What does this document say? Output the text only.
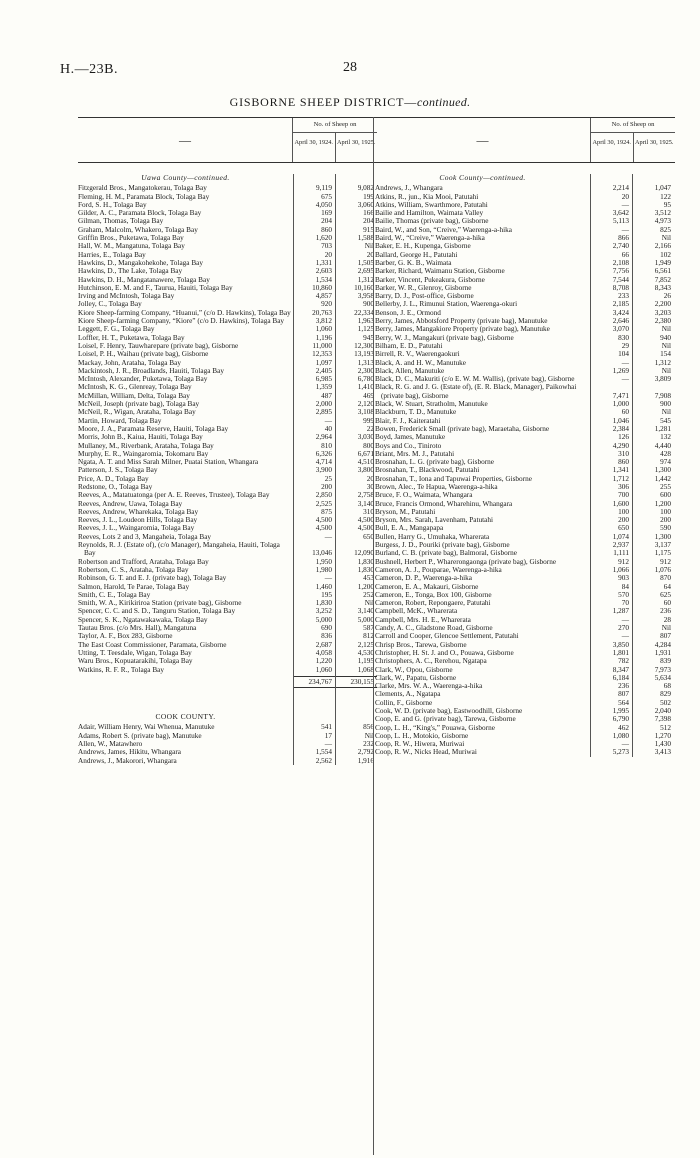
H.—23B.	28
GISBORNE SHEEP DISTRICT—continued.
—
No. of Sheep on
April 30, 1924. April 30, 1925.
Uawa County—continued.
Fitzgerald Bros., Mangatokerau, Tolaga Bay	9,119	9,082
Fleming, H. M., Paramata Block, Tolaga Bay	675	199
Ford, S. H., Tolaga Bay	4,050	3,060
Gilder, A. C., Paramata Block, Tolaga Bay	169	166
Gilman, Thomas, Tolaga Bay	204	204
Graham, Malcolm, Whakero, Tolaga Bay	860	915
Griffin Bros., Puketawa, Tolaga Bay	1,620	1,588
Hall, W. M., Mangatuna, Tolaga Bay	703	Nil
Harries, E., Tolaga Bay	20	20
Hawkins, D., Mangakohekohe, Tolaga Bay	1,331	1,505
Hawkins, D., The Lake, Tolaga Bay	2,603	2,695
Hawkins, D. H., Mangatanawere, Tolaga Bay	1,534	1,312
Hutchinson, E. M. and F., Taurua, Hauiti, Tolaga Bay	10,860	10,160
Irving and McIntosh, Tolaga Bay	4,857	3,958
Jolley, C., Tolaga Bay	920	900
Kiore Sheep-farming Company, “Huanui,” (c/o D. Hawkins), Tolaga Bay	20,763	22,334
Kiore Sheep-farming Company, “Kiore” (c/o D. Hawkins), Tolaga Bay	3,812	1,963
Leggett, F. G., Tolaga Bay	1,060	1,125
Loffler, H. T., Puketawa, Tolaga Bay	1,196	945
Loisel, F. Henry, Tauwharepare (private bag), Gisborne	11,000	12,300
Loisel, P. H., Waihau (private bag), Gisborne	12,353	13,193
Mackay, John, Arataha, Tolaga Bay	1,097	1,313
Mackintosh, J. R., Broadlands, Hauiti, Tolaga Bay	2,405	2,300
McIntosh, Alexander, Puketawa, Tolaga Bay	6,985	6,780
McIntosh, K. G., Glenreay, Tolaga Bay	1,359	1,410
McMillan, William, Delta, Tolaga Bay	487	469
McNeil, Joseph (private bag), Tolaga Bay	2,000	2,120
McNeil, R., Wigan, Arataha, Tolaga Bay	2,895	3,108
Martin, Howard, Tolaga Bay	—	999
Moore, J. A., Paramata Reserve, Hauiti, Tolaga Bay	40	22
Morris, John B., Kaiua, Hauiti, Tolaga Bay	2,964	3,030
Mullaney, M., Riverbank, Arataha, Tolaga Bay	810	800
Murphy, E. R., Waingaromia, Tokomaru Bay	6,326	6,671
Ngata, A. T. and Miss Sarah Milner, Puatai Station, Whangara	4,714	4,510
Patterson, J. S., Tolaga Bay	3,900	3,800
Price, A. D., Tolaga Bay	25	20
Redstone, O., Tolaga Bay	200	30
Reeves, A., Matatuatonga (per A. E. Reeves, Trustee), Tolaga Bay	2,850	2,758
Reeves, Andrew, Uawa, Tolaga Bay	2,525	3,140
Reeves, Andrew, Wharekaka, Tolaga Bay	875	310
Reeves, J. L., Loudeon Hills, Tolaga Bay	4,500	4,500
Reeves, J. L., Waingaromia, Tolaga Bay	4,500	4,500
Reeves, Lots 2 and 3, Mangaheia, Tolaga Bay	—	650
Reynolds, R. J. (Estate of), (c/o Manager), Mangaheia, Hauiti, Tolaga Bay	13,046	12,090
Robertson and Trafford, Arataha, Tolaga Bay	1,950	1,830
Robertson, C. S., Arataha, Tolaga Bay	1,980	1,830
Robinson, G. T. and E. J. (private bag), Tolaga Bay	—	453
Salmon, Harold, Te Parae, Tolaga Bay	1,460	1,200
Smith, C. E., Tolaga Bay	195	252
Smith, W. A., Kirikiriroa Station (private bag), Gisborne	1,830	Nil
Spencer, C. C. and S. D., Tanguru Station, Tolaga Bay	3,252	3,140
Spencer, S. K., Ngatawakawaka, Tolaga Bay	5,000	5,000
Tautau Bros. (c/o Mrs. Hall), Mangatuna	690	587
Taylor, A. F., Box 283, Gisborne	836	812
The East Coast Commissioner, Paramata, Gisborne	2,687	2,125
Utting, T. Teesdale, Wigan, Tolaga Bay	4,058	4,530
Waru Bros., Kopuatarakihi, Tolaga Bay	1,220	1,195
Watkins, R. F. R., Tolaga Bay	1,060	1,068
234,767	230,155
COOK COUNTY.
Adair, William Henry, Wai Whenua, Manutuke	541	856
Adams, Robert S. (private bag), Manutuke	17	Nil
Allen, W., Matawhero	—	232
Andrews, James, Hikitu, Whangara	1,554	2,792
Andrews, J., Makorori, Whangara	2,562	1,916
—
No. of Sheep on
April 30, 1924. April 30, 1925.
Cook County—continued.
Andrews, J., Whangara	2,214	1,047
Atkins, R., jun., Kia Mooi, Patutahi	20	122
Atkins, William, Swarthmore, Patutahi	—	95
Bailie and Hamilton, Waimata Valley	3,642	3,512
Bailie, Thomas (private bag), Gisborne	5,113	4,973
Baird, W., and Son, “Creive,” Waerenga-a-hika	—	825
Baird, W., “Creive,” Waerenga-a-hika	866	Nil
Baker, E. H., Kupenga, Gisborne	2,740	2,166
Ballard, George H., Patutahi	66	102
Barber, G. K. B., Waimata	2,108	1,949
Barker, Richard, Waimanu Station, Gisborne	7,756	6,561
Barker, Vincent, Pukeakura, Gisborne	7,544	7,852
Barker, W. R., Glenroy, Gisborne	8,708	8,343
Barry, D. J., Post-office, Gisborne	233	26
Bellerby, J. L., Rimunui Station, Waerenga-okuri	2,185	2,200
Benson, J. E., Ormond	3,424	3,203
Berry, James, Abbotsford Property (private bag), Manutuke	2,646	2,380
Berry, James, Mangakiore Property (private bag), Manutuke	3,070	Nil
Berry, W. J., Mangakuri (private bag), Gisborne	830	940
Bilham, E. D., Patutahi	29	Nil
Birrell, R. V., Waerengaokuri	104	154
Black, A. and H. W., Manutuke	—	1,312
Black, Allen, Manutuke	1,269	Nil
Black, D. C., Makuriti (c/o E. W. M. Wallis), (private bag), Gisborne	—	3,809
Black, R. G. and J. G. (Estate of), (E. R. Black, Manager), Paikowhai (private bag), Gisborne	7,471	7,908
Black, W. Stuart, Stratholm, Manutuke	1,000	900
Blackburn, T. D., Manutuke	60	Nil
Blair, F. J., Kaiteratahi	1,046	545
Bowen, Frederick Small (private bag), Maraetaha, Gisborne	2,384	1,281
Boyd, James, Manutuke	126	132
Boys and Co., Tiniroto	4,290	4,440
Briant, Mrs. M. J., Patutahi	310	428
Brosnahan, L. G. (private bag), Gisborne	860	974
Brosnahan, T., Blackwood, Patutahi	1,341	1,300
Brosnahan, T., Iona and Tapuwai Properties, Gisborne	1,712	1,442
Brown, Alec., Te Hapua, Waerenga-a-hika	306	255
Bruce, F. O., Waimata, Whangara	700	600
Bruce, Francis Ormond, Wharehinu, Whangara	1,600	1,200
Bryson, M., Patutahi	100	100
Bryson, Mrs. Sarah, Lavenham, Patutahi	200	200
Bull, E. A., Mangapapa	650	590
Bullen, Harry G., Umuhaka, Wharerata	1,074	1,300
Burgess, J. D., Pouriki (private bag), Gisborne	2,937	3,137
Burland, C. B. (private bag), Balmoral, Gisborne	1,111	1,175
Bushnell, Herbert P., Wharerongaonga (private bag), Gisborne	912	912
Cameron, A. J., Pouparae, Waerenga-a-hika	1,066	1,076
Cameron, D. P., Waerenga-a-hika	903	870
Cameron, E. A., Makauri, Gisborne	84	64
Cameron, E., Tonga, Box 100, Gisborne	570	625
Cameron, Robert, Repongaere, Patutahi	70	60
Campbell, McK., Wharerata	1,287	236
Campbell, Mrs. H. E., Wharerata	—	28
Candy, A. C., Gladstone Road, Gisborne	270	Nil
Carroll and Cooper, Glencoe Settlement, Patutahi	—	807
Chrisp Bros., Tarewa, Gisborne	3,850	4,284
Christopher, H. St. J. and O., Pouawa, Gisborne	1,801	1,931
Christophers, A. C., Rerehou, Ngatapa	782	839
Clark, W., Opou, Gisborne	8,347	7,973
Clark, W., Papatu, Gisborne	6,184	5,634
Clarke, Mrs. W. A., Waerenga-a-hika	236	68
Clements, A., Ngatapa	807	829
Collin, F., Gisborne	564	502
Cook, W. D. (private bag), Eastwoodhill, Gisborne	1,995	2,040
Coop, E. and G. (private bag), Tarewa, Gisborne	6,790	7,398
Coop, L. H., “King's,” Pouawa, Gisborne	462	512
Coop, L. H., Motokio, Gisborne	1,080	1,270
Coop, R. W., Hiwera, Muriwai	—	1,430
Coop, R. W., Nicks Head, Muriwai	5,273	3,413
